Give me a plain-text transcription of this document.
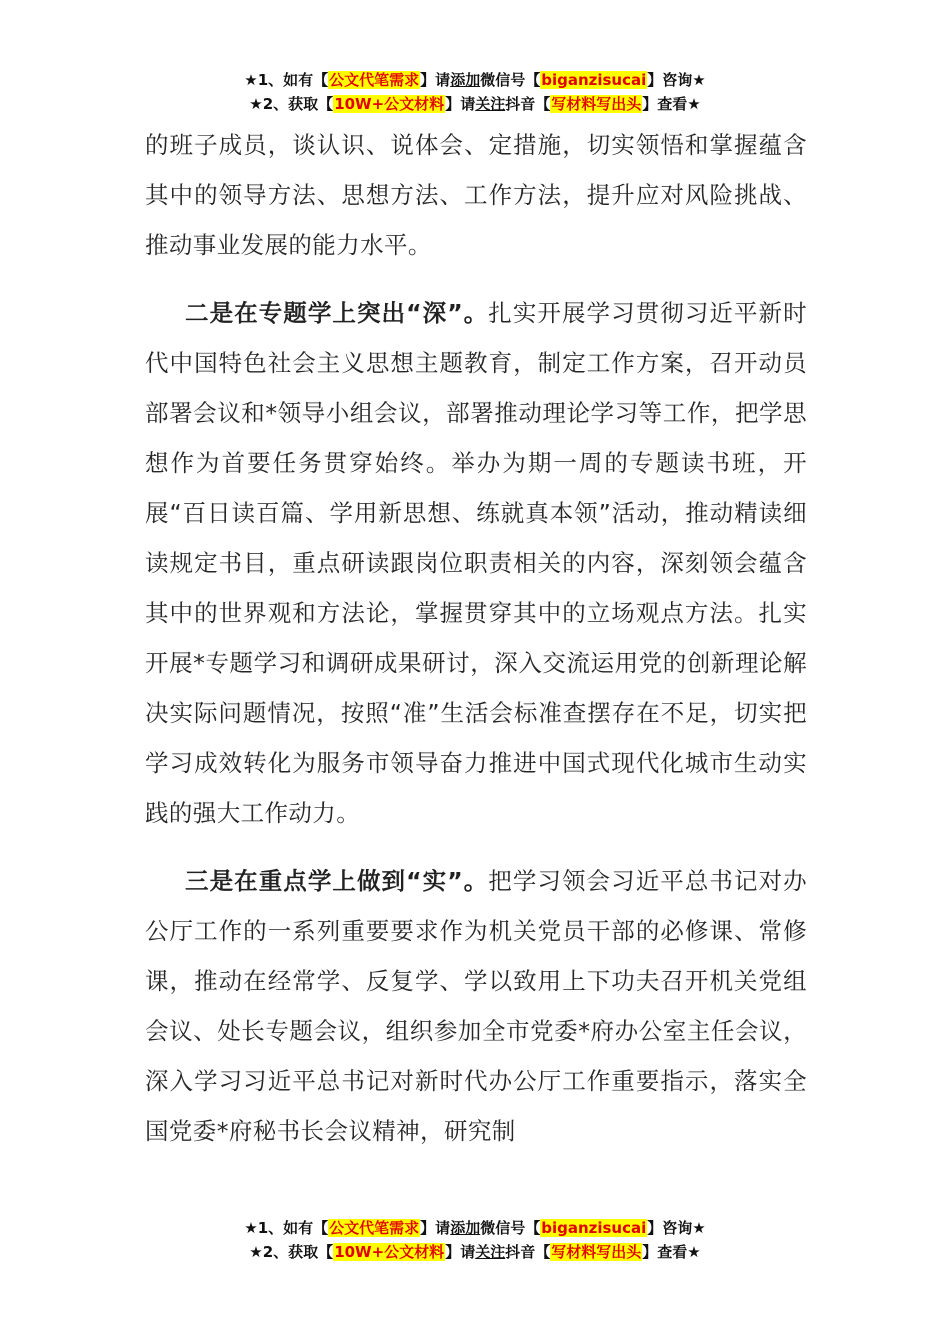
★1、如有【公文代笔需求】请添加微信号【biganzisucai】咨询★
★2、获取【10W+公文材料】请关注抖音【写材料写出头】查看★

的班子成员，谈认识、说体会、定措施，切实领悟和掌握蕴含其中的领导方法、思想方法、工作方法，提升应对风险挑战、推动事业发展的能力水平。

二是在专题学上突出“深”。扎实开展学习贯彻习近平新时代中国特色社会主义思想主题教育，制定工作方案，召开动员部署会议和*领导小组会议，部署推动理论学习等工作，把学思想作为首要任务贯穿始终。举办为期一周的专题读书班，开展“百日读百篇、学用新思想、练就真本领”活动，推动精读细读规定书目，重点研读跟岗位职责相关的内容，深刻领会蕴含其中的世界观和方法论，掌握贯穿其中的立场观点方法。扎实开展*专题学习和调研成果研讨，深入交流运用党的创新理论解决实际问题情况，按照“准”生活会标准查摆存在不足，切实把学习成效转化为服务市领导奋力推进中国式现代化城市生动实践的强大工作动力。

三是在重点学上做到“实”。把学习领会习近平总书记对办公厅工作的一系列重要要求作为机关党员干部的必修课、常修课，推动在经常学、反复学、学以致用上下功夫召开机关党组会议、处长专题会议，组织参加全市党委*府办公室主任会议，深入学习习近平总书记对新时代办公厅工作重要指示，落实全国党委*府秘书长会议精神，研究制

★1、如有【公文代笔需求】请添加微信号【biganzisucai】咨询★
★2、获取【10W+公文材料】请关注抖音【写材料写出头】查看★
